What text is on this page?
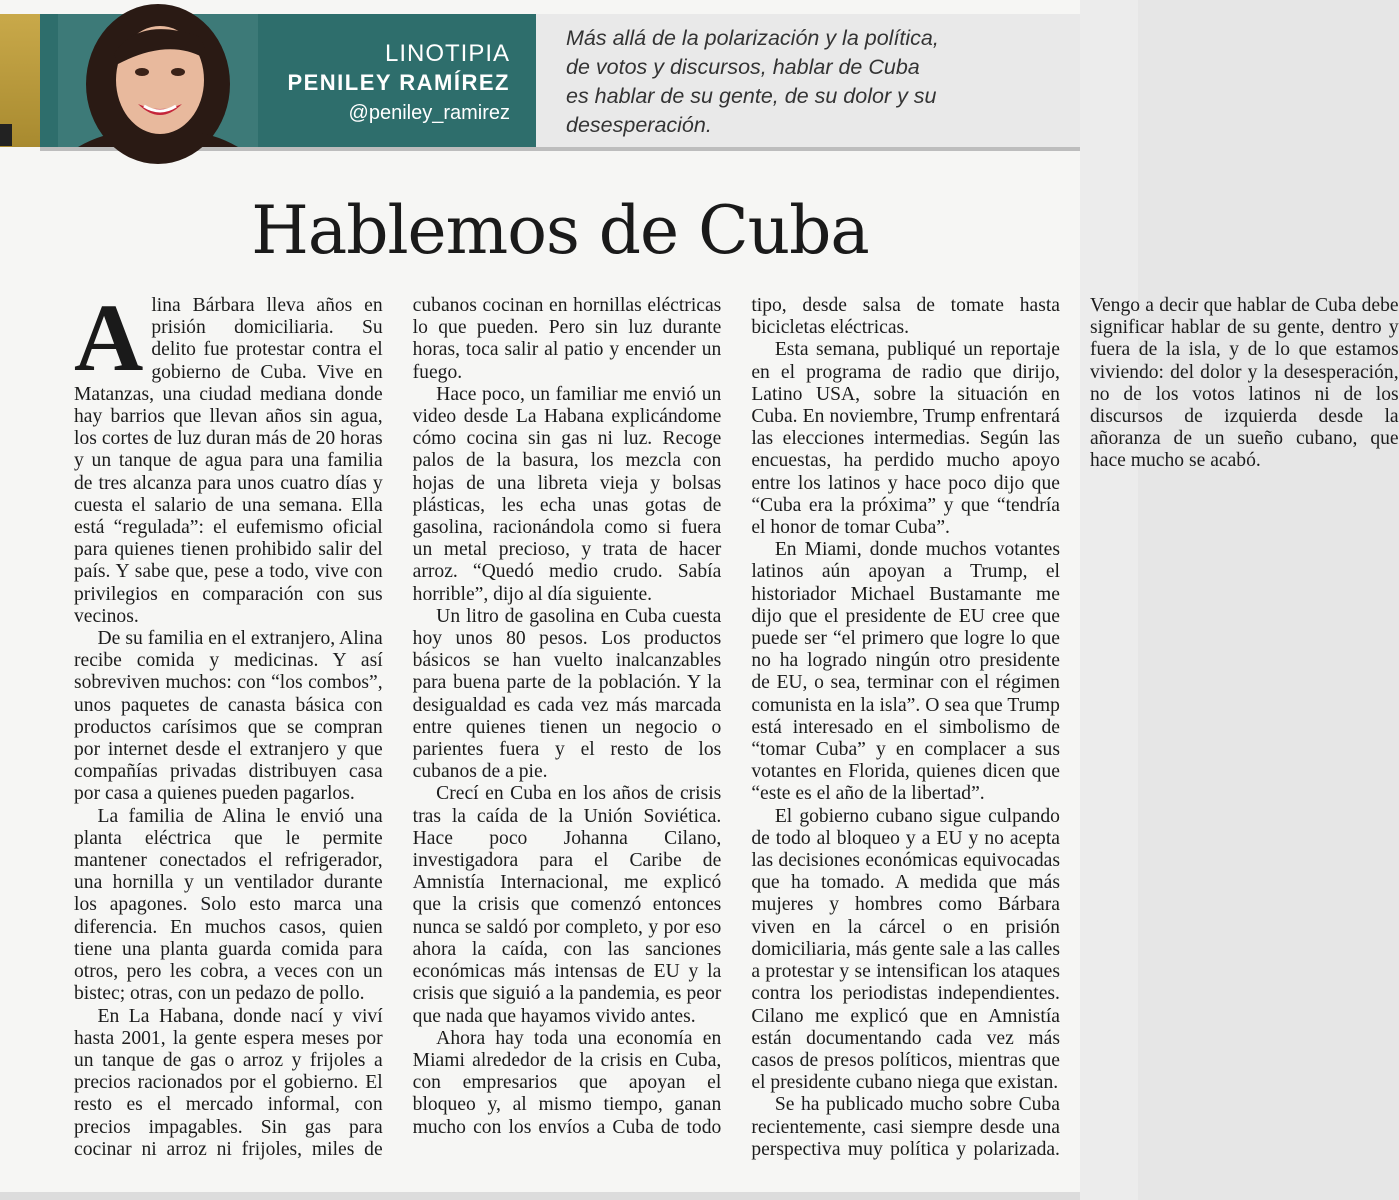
LINOTIPIA
PENILEY RAMÍREZ
@peniley_ramirez
Más allá de la polarización y la política,
de votos y discursos, hablar de Cuba
es hablar de su gente, de su dolor y su
desesperación.
Hablemos de Cuba

Alina Bárbara lleva años en prisión domiciliaria. Su delito fue protestar contra el gobierno de Cuba. Vive en Matanzas, una ciudad mediana donde hay barrios que llevan años sin agua, los cortes de luz duran más de 20 horas y un tanque de agua para una familia de tres alcanza para unos cuatro días y cuesta el salario de una semana. Ella está “regulada”: el eufemismo oficial para quienes tienen prohibido salir del país. Y sabe que, pese a todo, vive con privilegios en comparación con sus vecinos.

De su familia en el extranjero, Alina recibe comida y medicinas. Y así sobreviven muchos: con “los combos”, unos paquetes de canasta básica con productos carísimos que se compran por internet desde el extranjero y que compañías privadas distribuyen casa por casa a quienes pueden pagarlos.

La familia de Alina le envió una planta eléctrica que le permite mantener conectados el refrigerador, una hornilla y un ventilador durante los apagones. Solo esto marca una diferencia. En muchos casos, quien tiene una planta guarda comida para otros, pero les cobra, a veces con un bistec; otras, con un pedazo de pollo.

En La Habana, donde nací y viví hasta 2001, la gente espera meses por un tanque de gas o arroz y frijoles a precios racionados por el gobierno. El resto es el mercado informal, con precios impagables. Sin gas para cocinar ni arroz ni frijoles, miles de cubanos cocinan en hornillas eléctricas lo que pueden. Pero sin luz durante horas, toca salir al patio y encender un fuego.

Hace poco, un familiar me envió un video desde La Habana explicándome cómo cocina sin gas ni luz. Recoge palos de la basura, los mezcla con hojas de una libreta vieja y bolsas plásticas, les echa unas gotas de gasolina, racionándola como si fuera un metal precioso, y trata de hacer arroz. “Quedó medio crudo. Sabía horrible”, dijo al día siguiente.

Un litro de gasolina en Cuba cuesta hoy unos 80 pesos. Los productos básicos se han vuelto inalcanzables para buena parte de la población. Y la desigualdad es cada vez más marcada entre quienes tienen un negocio o parientes fuera y el resto de los cubanos de a pie.

Crecí en Cuba en los años de crisis tras la caída de la Unión Soviética. Hace poco Johanna Cilano, investigadora para el Caribe de Amnistía Internacional, me explicó que la crisis que comenzó entonces nunca se saldó por completo, y por eso ahora la caída, con las sanciones económicas más intensas de EU y la crisis que siguió a la pandemia, es peor que nada que hayamos vivido antes.

Ahora hay toda una economía en Miami alrededor de la crisis en Cuba, con empresarios que apoyan el bloqueo y, al mismo tiempo, ganan mucho con los envíos a Cuba de todo tipo, desde salsa de tomate hasta bicicletas eléctricas.

Esta semana, publiqué un reportaje en el programa de radio que dirijo, Latino USA, sobre la situación en Cuba. En noviembre, Trump enfrentará las elecciones intermedias. Según las encuestas, ha perdido mucho apoyo entre los latinos y hace poco dijo que “Cuba era la próxima” y que “tendría el honor de tomar Cuba”.

En Miami, donde muchos votantes latinos aún apoyan a Trump, el historiador Michael Bustamante me dijo que el presidente de EU cree que puede ser “el primero que logre lo que no ha logrado ningún otro presidente de EU, o sea, terminar con el régimen comunista en la isla”. O sea que Trump está interesado en el simbolismo de “tomar Cuba” y en complacer a sus votantes en Florida, quienes dicen que “este es el año de la libertad”.

El gobierno cubano sigue culpando de todo al bloqueo y a EU y no acepta las decisiones económicas equivocadas que ha tomado. A medida que más mujeres y hombres como Bárbara viven en la cárcel o en prisión domiciliaria, más gente sale a las calles a protestar y se intensifican los ataques contra los periodistas independientes. Cilano me explicó que en Amnistía están documentando cada vez más casos de presos políticos, mientras que el presidente cubano niega que existan.

Se ha publicado mucho sobre Cuba recientemente, casi siempre desde una perspectiva muy política y polarizada. Vengo a decir que hablar de Cuba debe significar hablar de su gente, dentro y fuera de la isla, y de lo que estamos viviendo: del dolor y la desesperación, no de los votos latinos ni de los discursos de izquierda desde la añoranza de un sueño cubano, que hace mucho se acabó.
